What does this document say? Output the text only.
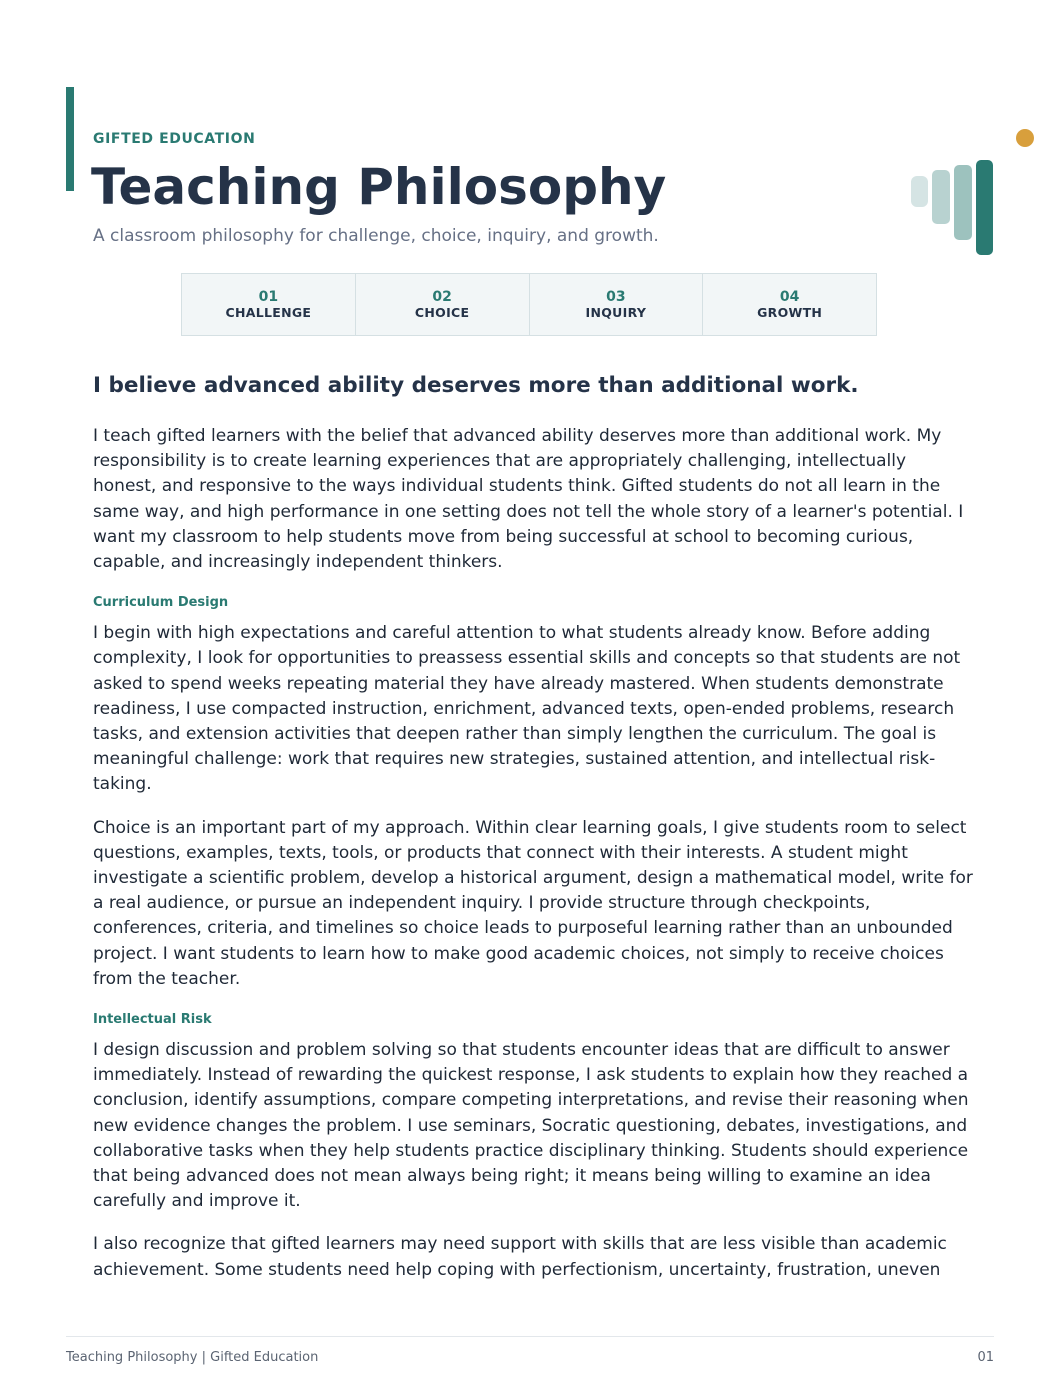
GIFTED EDUCATION
Teaching Philosophy
A classroom philosophy for challenge, choice, inquiry, and growth.
01
CHALLENGE
02
CHOICE
03
INQUIRY
04
GROWTH
I believe advanced ability deserves more than additional work.

I teach gifted learners with the belief that advanced ability deserves more than additional work. My responsibility is to create learning experiences that are appropriately challenging, intellectually honest, and responsive to the ways individual students think. Gifted students do not all learn in the same way, and high performance in one setting does not tell the whole story of a learner's potential. I want my classroom to help students move from being successful at school to becoming curious, capable, and increasingly independent thinkers.

Curriculum Design

I begin with high expectations and careful attention to what students already know. Before adding complexity, I look for opportunities to preassess essential skills and concepts so that students are not asked to spend weeks repeating material they have already mastered. When students demonstrate readiness, I use compacted instruction, enrichment, advanced texts, open-ended problems, research tasks, and extension activities that deepen rather than simply lengthen the curriculum. The goal is meaningful challenge: work that requires new strategies, sustained attention, and intellectual risk-taking.

Choice is an important part of my approach. Within clear learning goals, I give students room to select questions, examples, texts, tools, or products that connect with their interests. A student might investigate a scientific problem, develop a historical argument, design a mathematical model, write for a real audience, or pursue an independent inquiry. I provide structure through checkpoints, conferences, criteria, and timelines so choice leads to purposeful learning rather than an unbounded project. I want students to learn how to make good academic choices, not simply to receive choices from the teacher.

Intellectual Risk

I design discussion and problem solving so that students encounter ideas that are difficult to answer immediately. Instead of rewarding the quickest response, I ask students to explain how they reached a conclusion, identify assumptions, compare competing interpretations, and revise their reasoning when new evidence changes the problem. I use seminars, Socratic questioning, debates, investigations, and collaborative tasks when they help students practice disciplinary thinking. Students should experience that being advanced does not mean always being right; it means being willing to examine an idea carefully and improve it.

I also recognize that gifted learners may need support with skills that are less visible than academic achievement. Some students need help coping with perfectionism, uncertainty, frustration, uneven

Teaching Philosophy | Gifted Education	01
